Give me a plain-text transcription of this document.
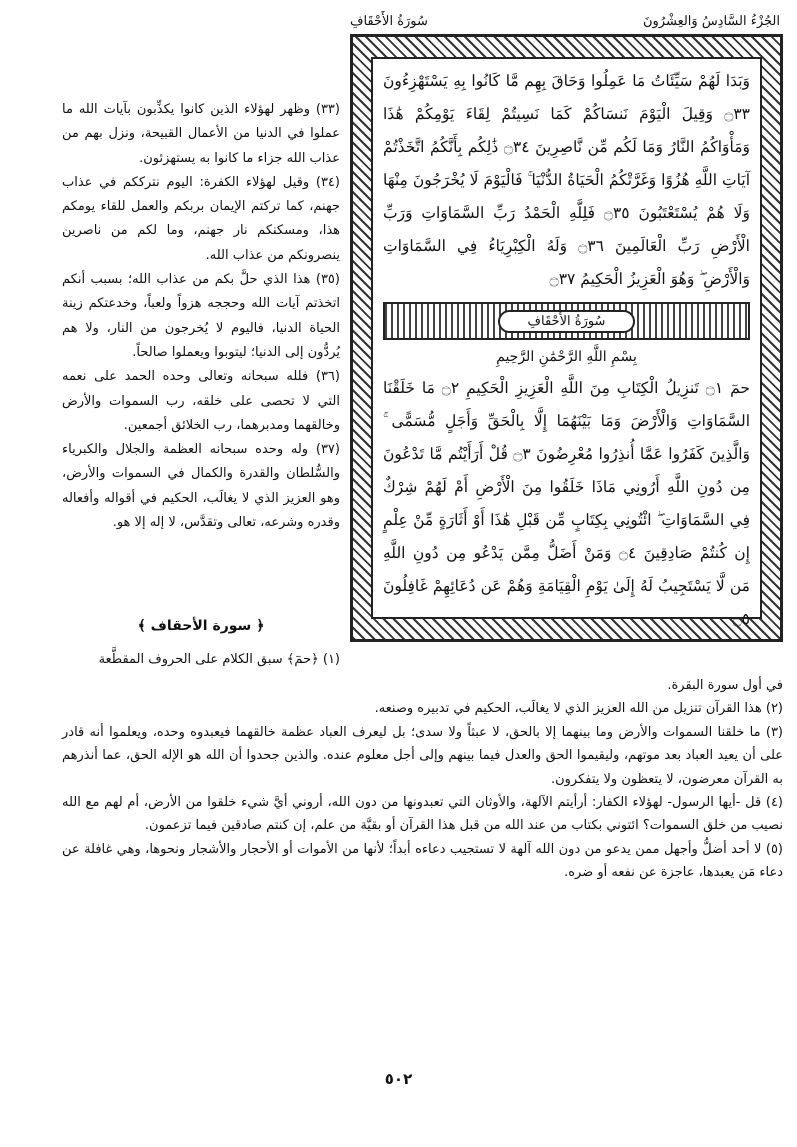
الجُزْءُ السَّادِسُ وَالعِشْرُونَ
سُورَةُ الأَحْقَافِ

وَبَدَا لَهُمْ سَيِّئَاتُ مَا عَمِلُوا وَحَاقَ بِهِم مَّا كَانُوا بِهِ يَسْتَهْزِءُونَ ۝٣٣ وَقِيلَ الْيَوْمَ نَنسَاكُمْ كَمَا نَسِيتُمْ لِقَاءَ يَوْمِكُمْ هَٰذَا وَمَأْوَاكُمُ النَّارُ وَمَا لَكُم مِّن نَّاصِرِينَ ۝٣٤ ذَٰلِكُم بِأَنَّكُمُ اتَّخَذْتُمْ آيَاتِ اللَّهِ هُزُوًا وَغَرَّتْكُمُ الْحَيَاةُ الدُّنْيَا ۚ فَالْيَوْمَ لَا يُخْرَجُونَ مِنْهَا وَلَا هُمْ يُسْتَعْتَبُونَ ۝٣٥ فَلِلَّهِ الْحَمْدُ رَبِّ السَّمَاوَاتِ وَرَبِّ الْأَرْضِ رَبِّ الْعَالَمِينَ ۝٣٦ وَلَهُ الْكِبْرِيَاءُ فِي السَّمَاوَاتِ وَالْأَرْضِ ۖ وَهُوَ الْعَزِيزُ الْحَكِيمُ ۝٣٧

سُورَةُ الأَحْقَافِ
بِسْمِ اللَّهِ الرَّحْمَٰنِ الرَّحِيمِ

حمٓ ۝١ تَنزِيلُ الْكِتَابِ مِنَ اللَّهِ الْعَزِيزِ الْحَكِيمِ ۝٢ مَا خَلَقْنَا السَّمَاوَاتِ وَالْأَرْضَ وَمَا بَيْنَهُمَا إِلَّا بِالْحَقِّ وَأَجَلٍ مُّسَمًّى ۚ وَالَّذِينَ كَفَرُوا عَمَّا أُنذِرُوا مُعْرِضُونَ ۝٣ قُلْ أَرَأَيْتُم مَّا تَدْعُونَ مِن دُونِ اللَّهِ أَرُونِي مَاذَا خَلَقُوا مِنَ الْأَرْضِ أَمْ لَهُمْ شِرْكٌ فِي السَّمَاوَاتِ ۖ ائْتُونِي بِكِتَابٍ مِّن قَبْلِ هَٰذَا أَوْ أَثَارَةٍ مِّنْ عِلْمٍ إِن كُنتُمْ صَادِقِينَ ۝٤ وَمَنْ أَضَلُّ مِمَّن يَدْعُو مِن دُونِ اللَّهِ مَن لَّا يَسْتَجِيبُ لَهُ إِلَىٰ يَوْمِ الْقِيَامَةِ وَهُمْ عَن دُعَائِهِمْ غَافِلُونَ ۝٥

(٣٣) وظهر لهؤلاء الذين كانوا يكذِّبون بآيات الله ما عملوا في الدنيا من الأعمال القبيحة، ونزل بهم من عذاب الله جزاء ما كانوا به يستهزئون.

(٣٤) وقيل لهؤلاء الكفرة: اليوم نترككم في عذاب جهنم، كما تركتم الإيمان بربكم والعمل للقاء يومكم هذا، ومسكنكم نار جهنم، وما لكم من ناصرين ينصرونكم من عذاب الله.

(٣٥) هذا الذي حلَّ بكم من عذاب الله؛ بسبب أنكم اتخذتم آيات الله وحججه هزواً ولعباً، وخدعتكم زينة الحياة الدنيا، فاليوم لا يُخرجون من النار، ولا هم يُردُّون إلى الدنيا؛ ليتوبوا ويعملوا صالحاً.

(٣٦) فلله سبحانه وتعالى وحده الحمد على نعمه التي لا تحصى على خلقه، رب السموات والأرض وخالقهما ومدبرهما، رب الخلائق أجمعين.

(٣٧) وله وحده سبحانه العظمة والجلال والكبرياء والسُّلطان والقدرة والكمال في السموات والأرض، وهو العزيز الذي لا يغالَب، الحكيم في أقواله وأفعاله وقدره وشرعه، تعالى وتقدَّس، لا إله إلا هو.

﴿ سورة الأحقاف ﴾
(١) ﴿حمٓ﴾ سبق الكلام على الحروف المقطَّعة

في أول سورة البقرة.

(٢) هذا القرآن تنزيل من الله العزيز الذي لا يغالَب، الحكيم في تدبيره وصنعه.

(٣) ما خلقنا السموات والأرض وما بينهما إلا بالحق، لا عبثاً ولا سدى؛ بل ليعرف العباد عظمة خالقهما فيعبدوه وحده، ويعلموا أنه قادر على أن يعيد العباد بعد موتهم، وليقيموا الحق والعدل فيما بينهم وإلى أجل معلوم عنده. والذين جحدوا أن الله هو الإله الحق، عما أنذرهم به القرآن معرضون، لا يتعظون ولا يتفكرون.

(٤) قل -أيها الرسول- لهؤلاء الكفار: أرأيتم الآلهة، والأوثان التي تعبدونها من دون الله، أروني أيَّ شيء خلقوا من الأرض، أم لهم مع الله نصيب من خلق السموات؟ ائتوني بكتاب من عند الله من قبل هذا القرآن أو بقيَّة من علم، إن كنتم صادقين فيما تزعمون.

(٥) لا أحد أضلُّ وأجهل ممن يدعو من دون الله آلهة لا تستجيب دعاءه أبداً؛ لأنها من الأموات أو الأحجار والأشجار ونحوها، وهي غافلة عن دعاء مَن يعبدها، عاجزة عن نفعه أو ضره.

٥٠٢
